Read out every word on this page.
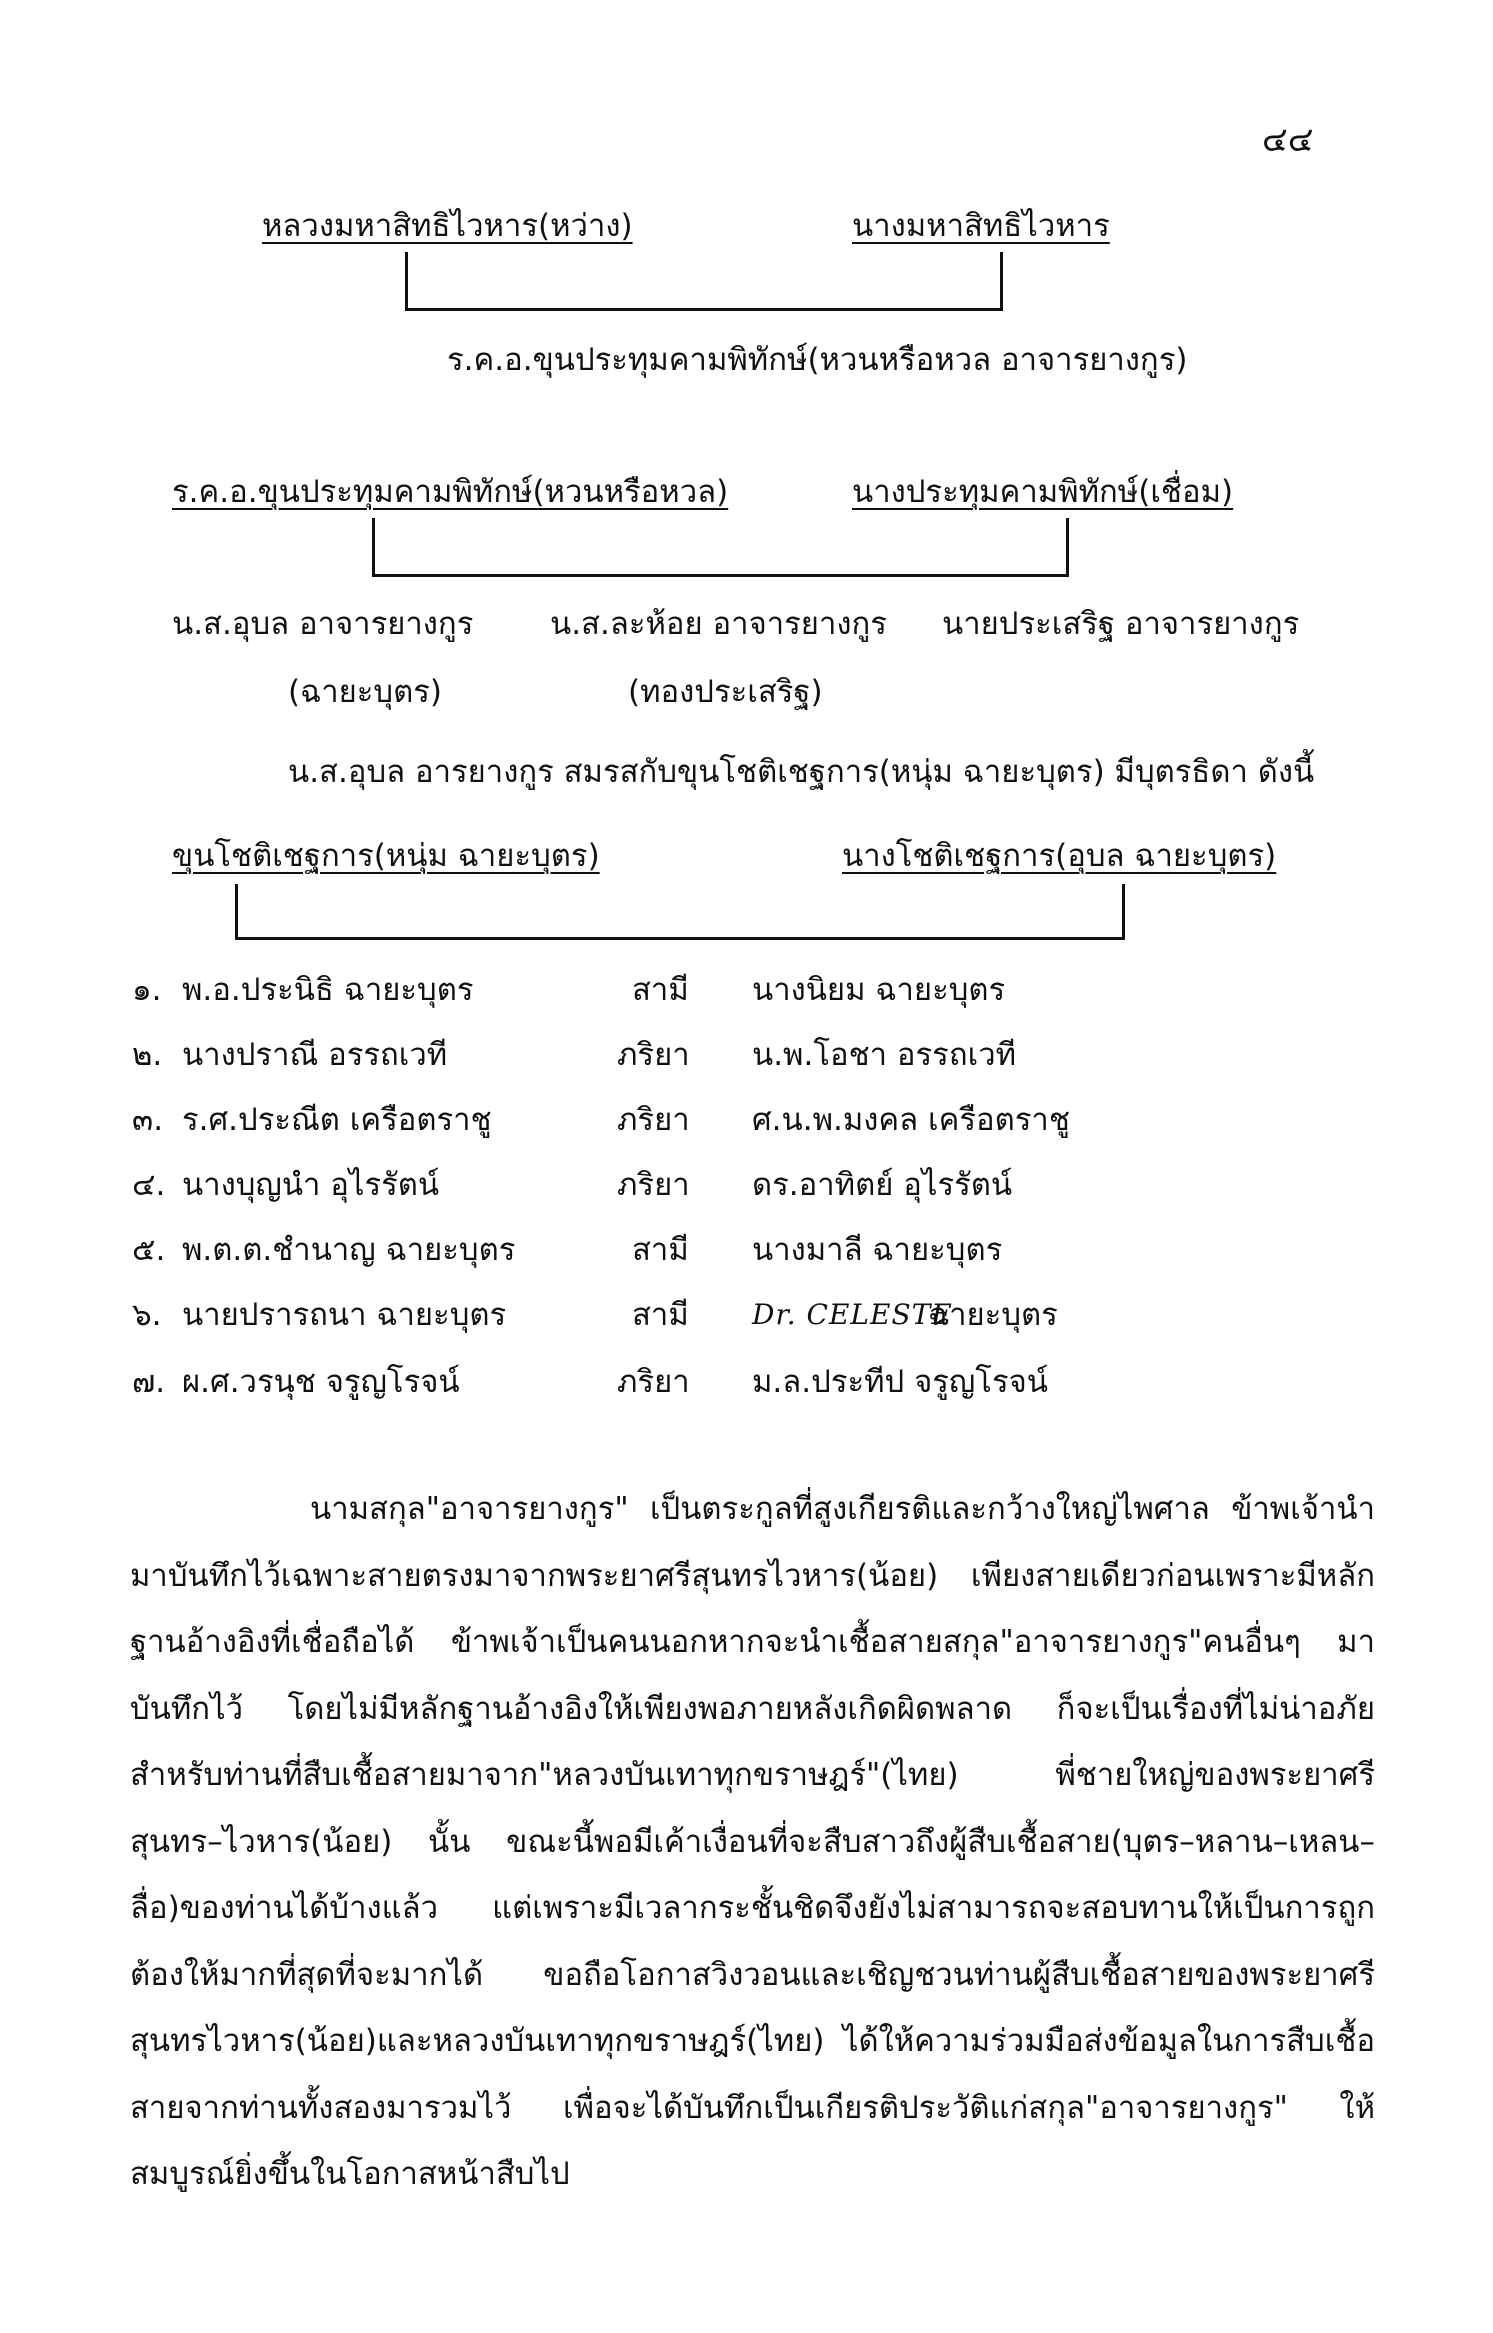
๔๔
หลวงมหาสิทธิไวหาร(หว่าง)	นางมหาสิทธิไวหาร
ร.ค.อ.ขุนประทุมคามพิทักษ์(หวนหรือหวล อาจารยางกูร)
ร.ค.อ.ขุนประทุมคามพิทักษ์(หวนหรือหวล)	นางประทุมคามพิทักษ์(เชื่อม)
น.ส.อุบล อาจารยางกูร น.ส.ละห้อย อาจารยางกูร นายประเสริฐ อาจารยางกูร
(ฉายะบุตร)	(ทองประเสริฐ)
น.ส.อุบล อารยางกูร สมรสกับขุนโชติเชฐการ(หนุ่ม ฉายะบุตร) มีบุตรธิดา ดังนี้
ขุนโชติเชฐการ(หนุ่ม ฉายะบุตร)	นางโชติเชฐการ(อุบล ฉายะบุตร)
๑. พ.อ.ประนิธิ ฉายะบุตร	สามี นางนิยม ฉายะบุตร
๒. นางปราณี อรรถเวที	ภริยา น.พ.โอชา อรรถเวที
๓. ร.ศ.ประณีต เครือตราชู	ภริยา ศ.น.พ.มงคล เครือตราชู
๔. นางบุญนำ อุไรรัตน์	ภริยา ดร.อาทิตย์ อุไรรัตน์
๕. พ.ต.ต.ชำนาญ ฉายะบุตร	สามี นางมาลี ฉายะบุตร
๖. นายปรารถนา ฉายะบุตร	สามี Dr. CELESTE
ฉายะบุตร
๗. ผ.ศ.วรนุช จรูญโรจน์	ภริยา ม.ล.ประทีป จรูญโรจน์

นามสกุล"อาจารยางกูร" เป็นตระกูลที่สูงเกียรติและกว้างใหญ่ไพศาล ข้าพเจ้านำมาบันทึกไว้เฉพาะสายตรงมาจากพระยาศรีสุนทรไวหาร(น้อย) เพียงสายเดียวก่อนเพราะมีหลักฐานอ้างอิงที่เชื่อถือได้ ข้าพเจ้าเป็นคนนอกหากจะนำเชื้อสายสกุล"อาจารยางกูร"คนอื่นๆ มาบันทึกไว้ โดยไม่มีหลักฐานอ้างอิงให้เพียงพอภายหลังเกิดผิดพลาด ก็จะเป็นเรื่องที่ไม่น่าอภัยสำหรับท่านที่สืบเชื้อสายมาจาก"หลวงบันเทาทุกขราษฎร์"(ไทย) พี่ชายใหญ่ของพระยาศรีสุนทร–ไวหาร(น้อย) นั้น ขณะนี้พอมีเค้าเงื่อนที่จะสืบสาวถึงผู้สืบเชื้อสาย(บุตร–หลาน–เหลน–ลื่อ)ของท่านได้บ้างแล้ว แต่เพราะมีเวลากระชั้นชิดจึงยังไม่สามารถจะสอบทานให้เป็นการถูกต้องให้มากที่สุดที่จะมากได้ ขอถือโอกาสวิงวอนและเชิญชวนท่านผู้สืบเชื้อสายของพระยาศรีสุนทรไวหาร(น้อย)และหลวงบันเทาทุกขราษฎร์(ไทย) ได้ให้ความร่วมมือส่งข้อมูลในการสืบเชื้อสายจากท่านทั้งสองมารวมไว้ เพื่อจะได้บันทึกเป็นเกียรติประวัติแก่สกุล"อาจารยางกูร" ให้สมบูรณ์ยิ่งขึ้นในโอกาสหน้าสืบไป
